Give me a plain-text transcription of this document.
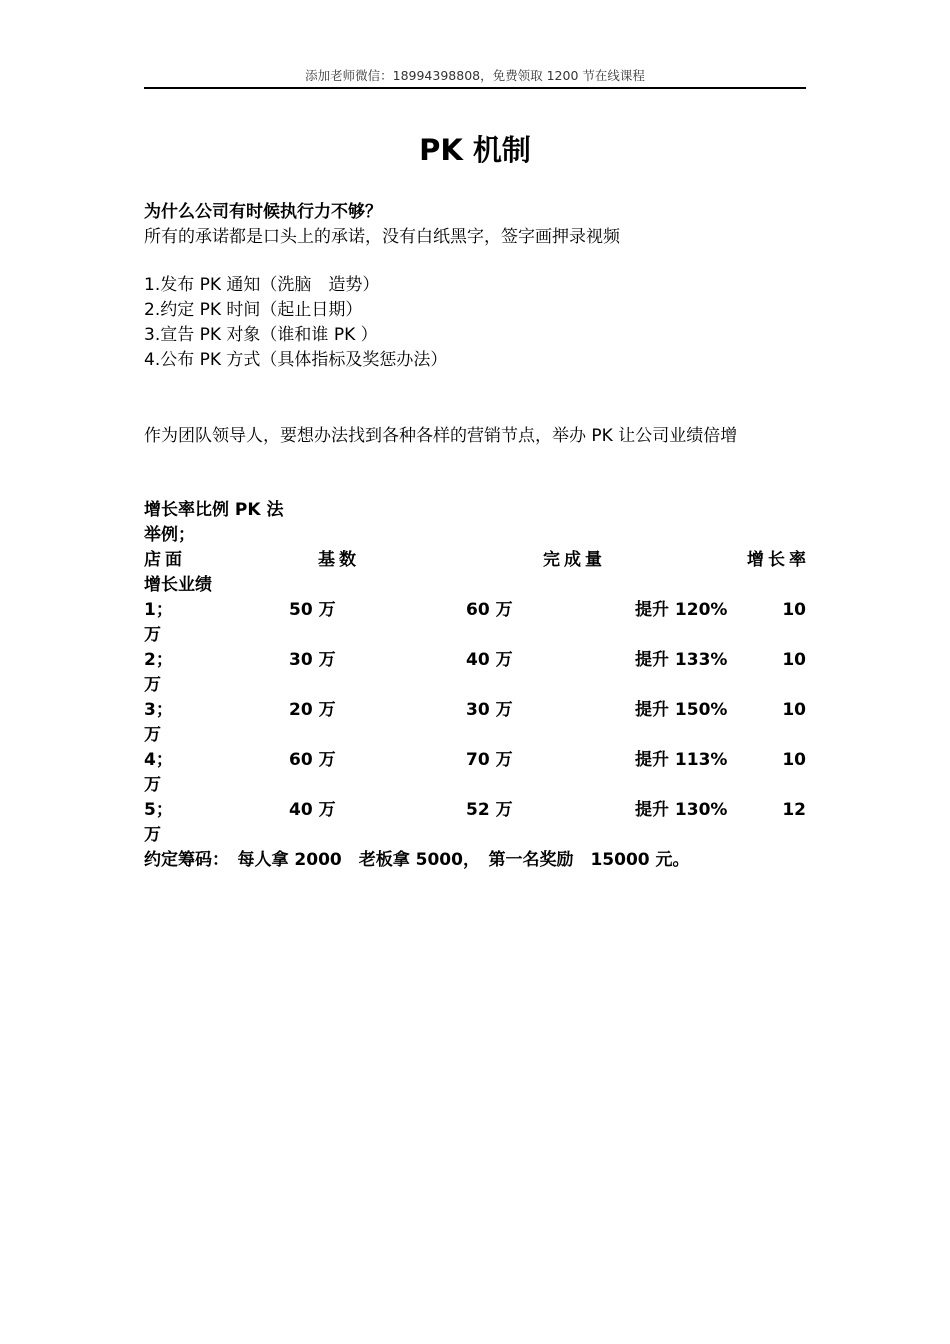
添加老师微信：18994398808，免费领取 1200 节在线课程
PK 机制
为什么公司有时候执行力不够？
所有的承诺都是口头上的承诺，没有白纸黑字，签字画押录视频
1.发布 PK 通知（洗脑　造势）
2.约定 PK 时间（起止日期）
3.宣告 PK 对象（谁和谁 PK ）
4.公布 PK 方式（具体指标及奖惩办法）
作为团队领导人，要想办法找到各种各样的营销节点，举办 PK 让公司业绩倍增
增长率比例 PK 法
举例；
店面	基数	完成量	增长率
增长业绩
1；	50 万	60 万	提升 120%	10
万
2；	30 万	40 万	提升 133%	10
万
3；	20 万	30 万	提升 150%	10
万
4；	60 万	70 万	提升 113%	10
万
5；	40 万	52 万	提升 130%	12
万
约定筹码：　每人拿 2000　老板拿 5000，　第一名奖励　15000 元。
